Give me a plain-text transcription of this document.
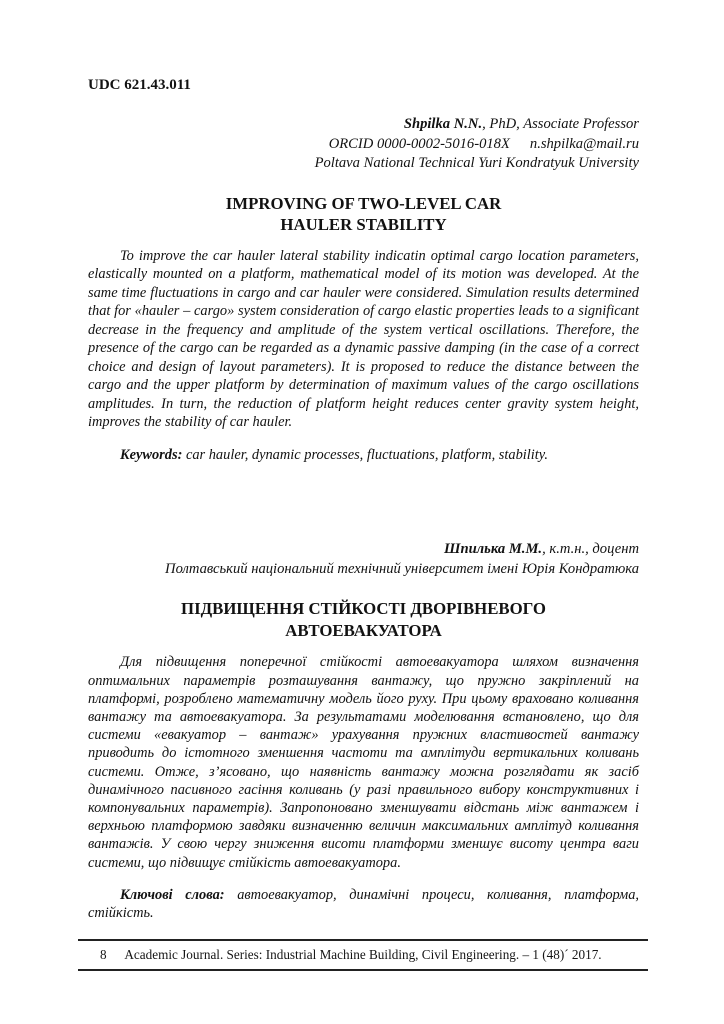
UDC 621.43.011
Shpilka N.N., PhD, Associate Professor
ORCID 0000-0002-5016-018X n.shpilka@mail.ru
Poltava National Technical Yuri Kondratyuk University
IMPROVING OF TWO-LEVEL CAR
HAULER STABILITY

To improve the car hauler lateral stability indicatin optimal cargo location parameters, elastically mounted on a platform, mathematical model of its motion was developed. At the same time fluctuations in cargo and car hauler were considered. Simulation results determined that for «hauler – cargo» system consideration of cargo elastic properties leads to a significant decrease in the frequency and amplitude of the system vertical oscillations. Therefore, the presence of the cargo can be regarded as a dynamic passive damping (in the case of a correct choice and design of layout parameters). It is proposed to reduce the distance between the cargo and the upper platform by determination of maximum values of the cargo oscillations amplitudes. In turn, the reduction of platform height reduces center gravity system height, improves the stability of car hauler.

Keywords: car hauler, dynamic processes, fluctuations, platform, stability.

Шпилька М.М., к.т.н., доцент
Полтавський національний технічний університет імені Юрія Кондратюка
ПІДВИЩЕННЯ СТІЙКОСТІ ДВОРІВНЕВОГО
АВТОЕВАКУАТОРА

Для підвищення поперечної стійкості автоевакуатора шляхом визначення оптимальних параметрів розташування вантажу, що пружно закріплений на платформі, розроблено математичну модель його руху. При цьому враховано коливання вантажу та автоевакуатора. За результатами моделювання встановлено, що для системи «евакуатор – вантаж» урахування пружних властивостей вантажу приводить до істотного зменшення частоти та амплітуди вертикальних коливань системи. Отже, з’ясовано, що наявність вантажу можна розглядати як засіб динамічного пасивного гасіння коливань (у разі правильного вибору конструктивних і компонувальних параметрів). Запропоновано зменшувати відстань між вантажем і верхньою платформою завдяки визначенню величин максимальних амплітуд коливання вантажів. У свою чергу зниження висоти платформи зменшує висоту центра ваги системи, що підвищує стійкість автоевакуатора.

Ключові слова: автоевакуатор, динамічні процеси, коливання, платформа, стійкість.

8 Academic Journal. Series: Industrial Machine Building, Civil Engineering. – 1 (48)´ 2017.
